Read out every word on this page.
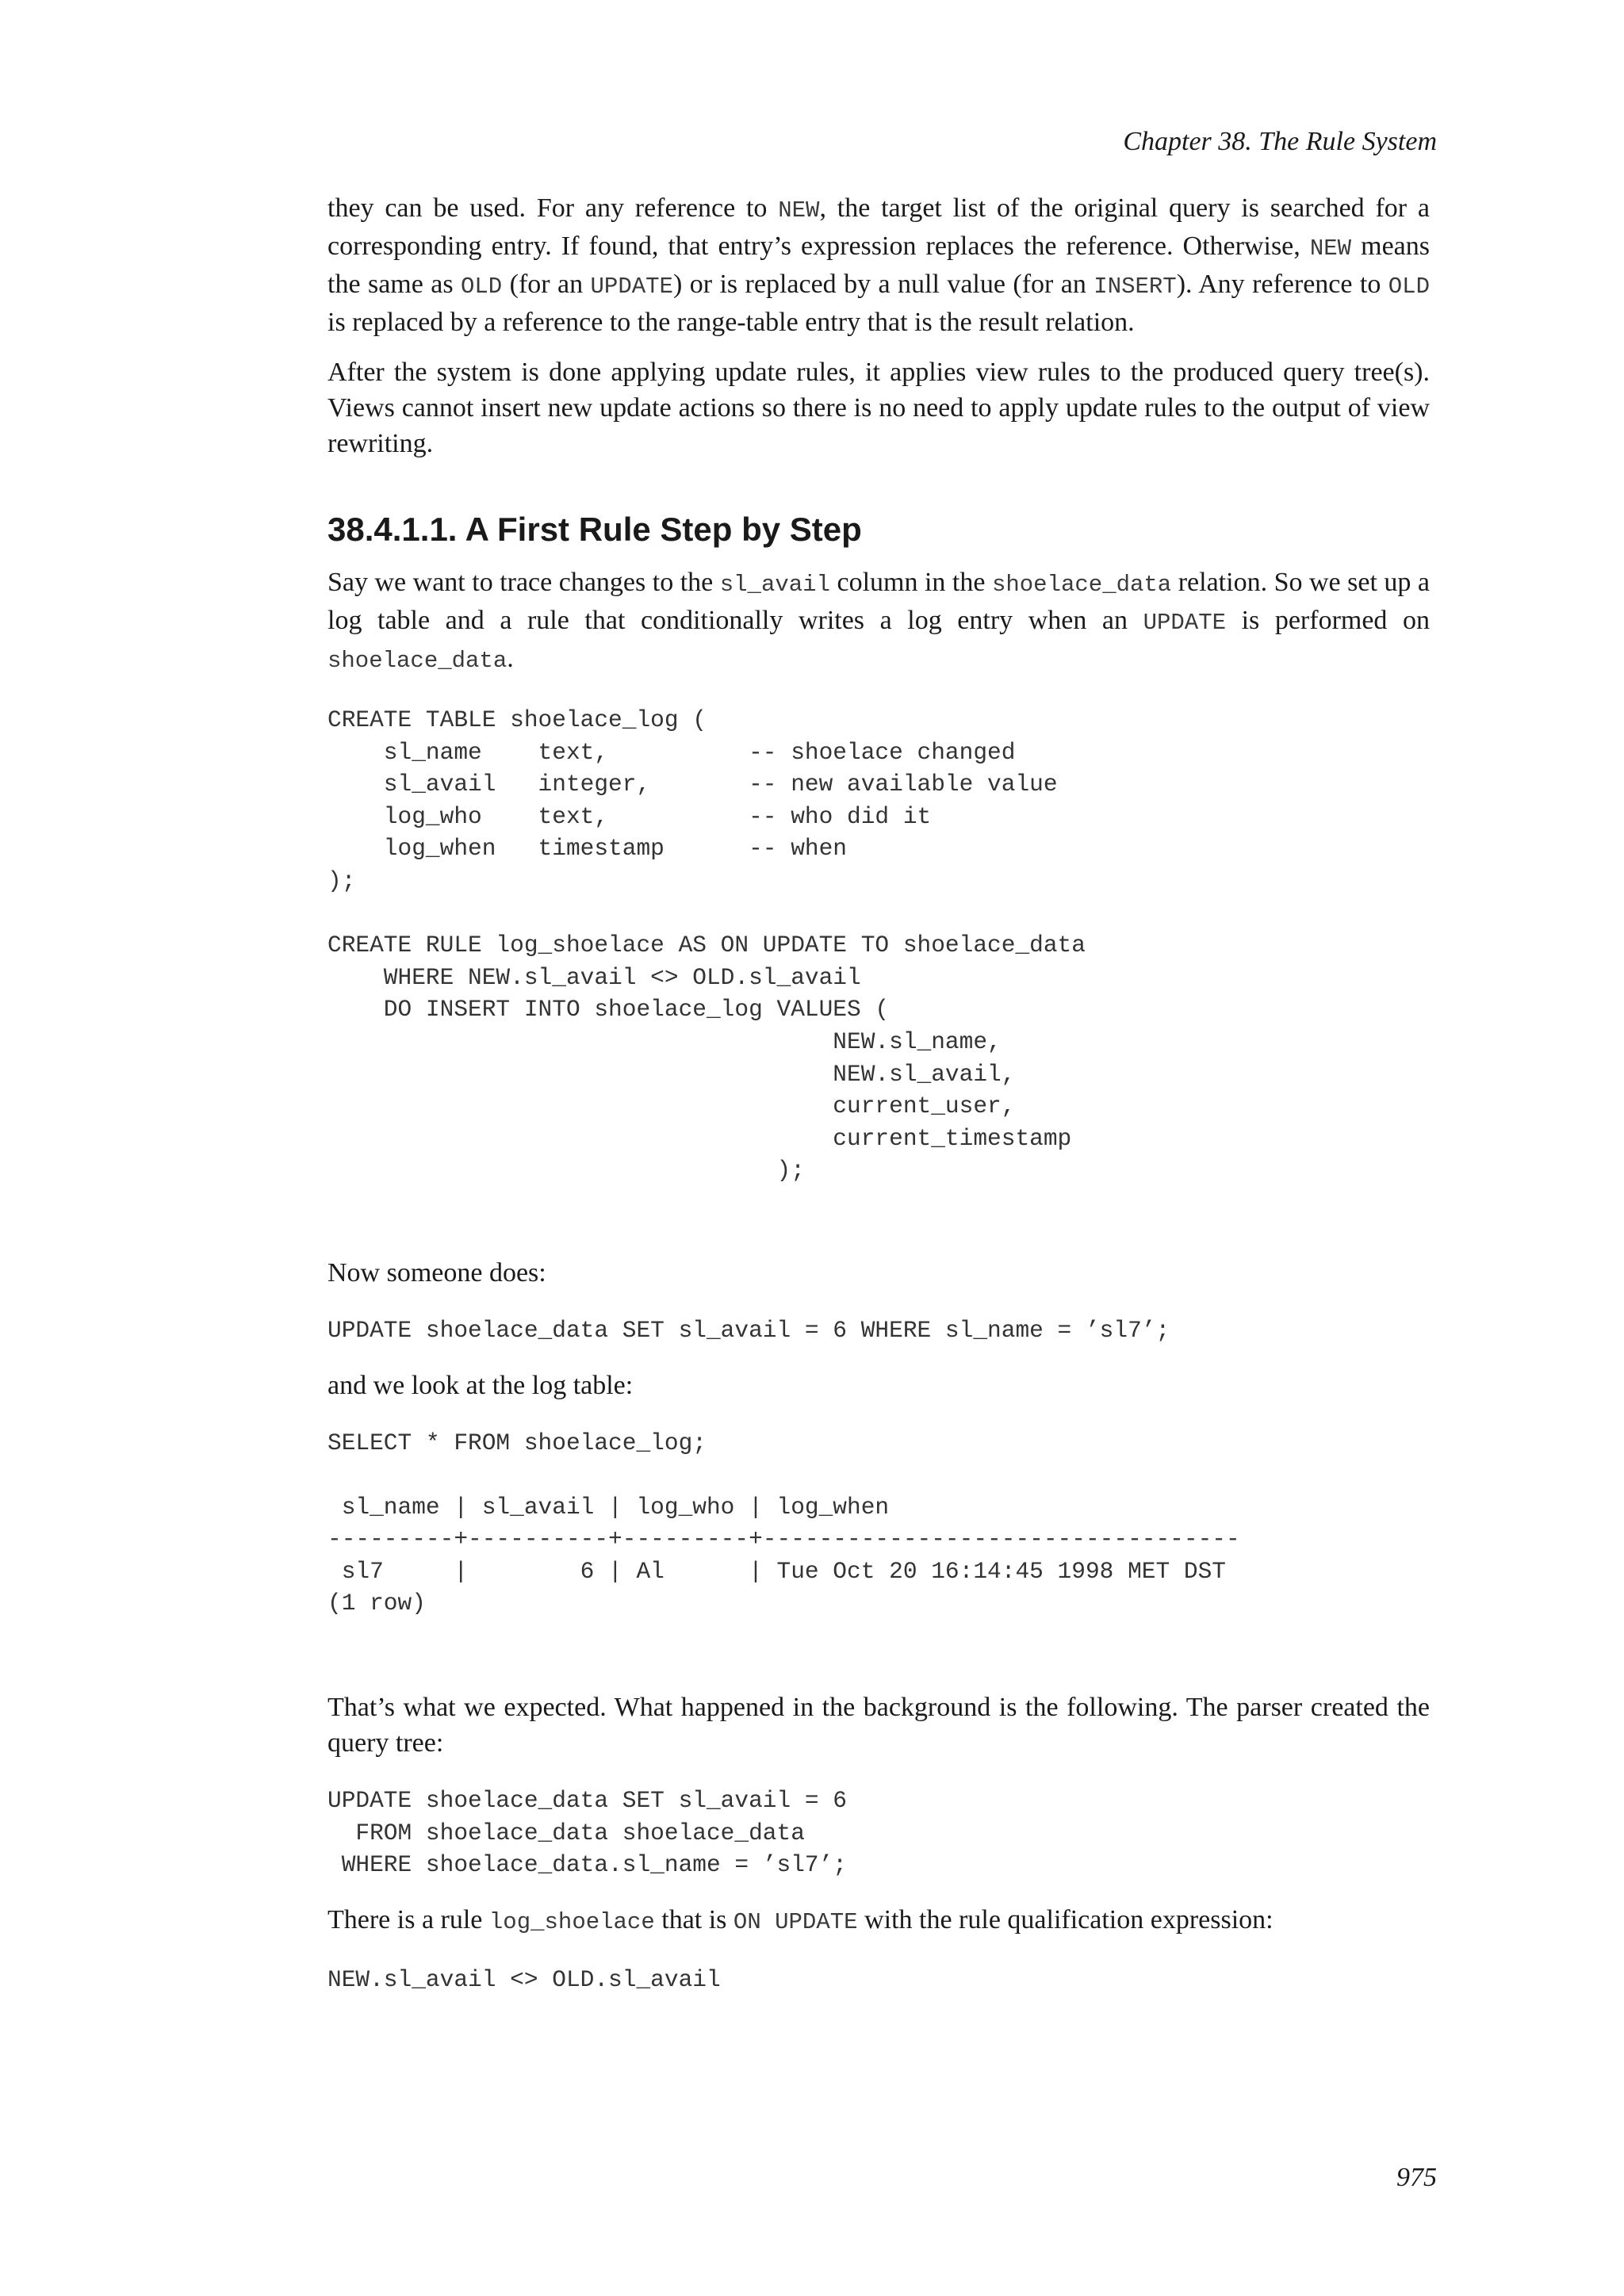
Chapter 38. The Rule System

they can be used. For any reference to NEW, the target list of the original query is searched for a corresponding entry. If found, that entry’s expression replaces the reference. Otherwise, NEW means the same as OLD (for an UPDATE) or is replaced by a null value (for an INSERT). Any reference to OLD is replaced by a reference to the range-table entry that is the result relation.

After the system is done applying update rules, it applies view rules to the produced query tree(s). Views cannot insert new update actions so there is no need to apply update rules to the output of view rewriting.

38.4.1.1. A First Rule Step by Step

Say we want to trace changes to the sl_avail column in the shoelace_data relation. So we set up a log table and a rule that conditionally writes a log entry when an UPDATE is performed on shoelace_data.

CREATE TABLE shoelace_log (
sl_name    text,          -- shoelace changed
sl_avail   integer,       -- new available value
log_who    text,          -- who did it
log_when   timestamp      -- when
);

CREATE RULE log_shoelace AS ON UPDATE TO shoelace_data
WHERE NEW.sl_avail <> OLD.sl_avail
DO INSERT INTO shoelace_log VALUES (
NEW.sl_name,
NEW.sl_avail,
current_user,
current_timestamp
);

Now someone does:

UPDATE shoelace_data SET sl_avail = 6 WHERE sl_name = ’sl7’;

and we look at the log table:

SELECT * FROM shoelace_log;

sl_name | sl_avail | log_who | log_when
---------+----------+---------+----------------------------------
sl7     |        6 | Al      | Tue Oct 20 16:14:45 1998 MET DST
(1 row)

That’s what we expected. What happened in the background is the following. The parser created the query tree:

UPDATE shoelace_data SET sl_avail = 6
FROM shoelace_data shoelace_data
WHERE shoelace_data.sl_name = ’sl7’;

There is a rule log_shoelace that is ON UPDATE with the rule qualification expression:

NEW.sl_avail <> OLD.sl_avail
975
